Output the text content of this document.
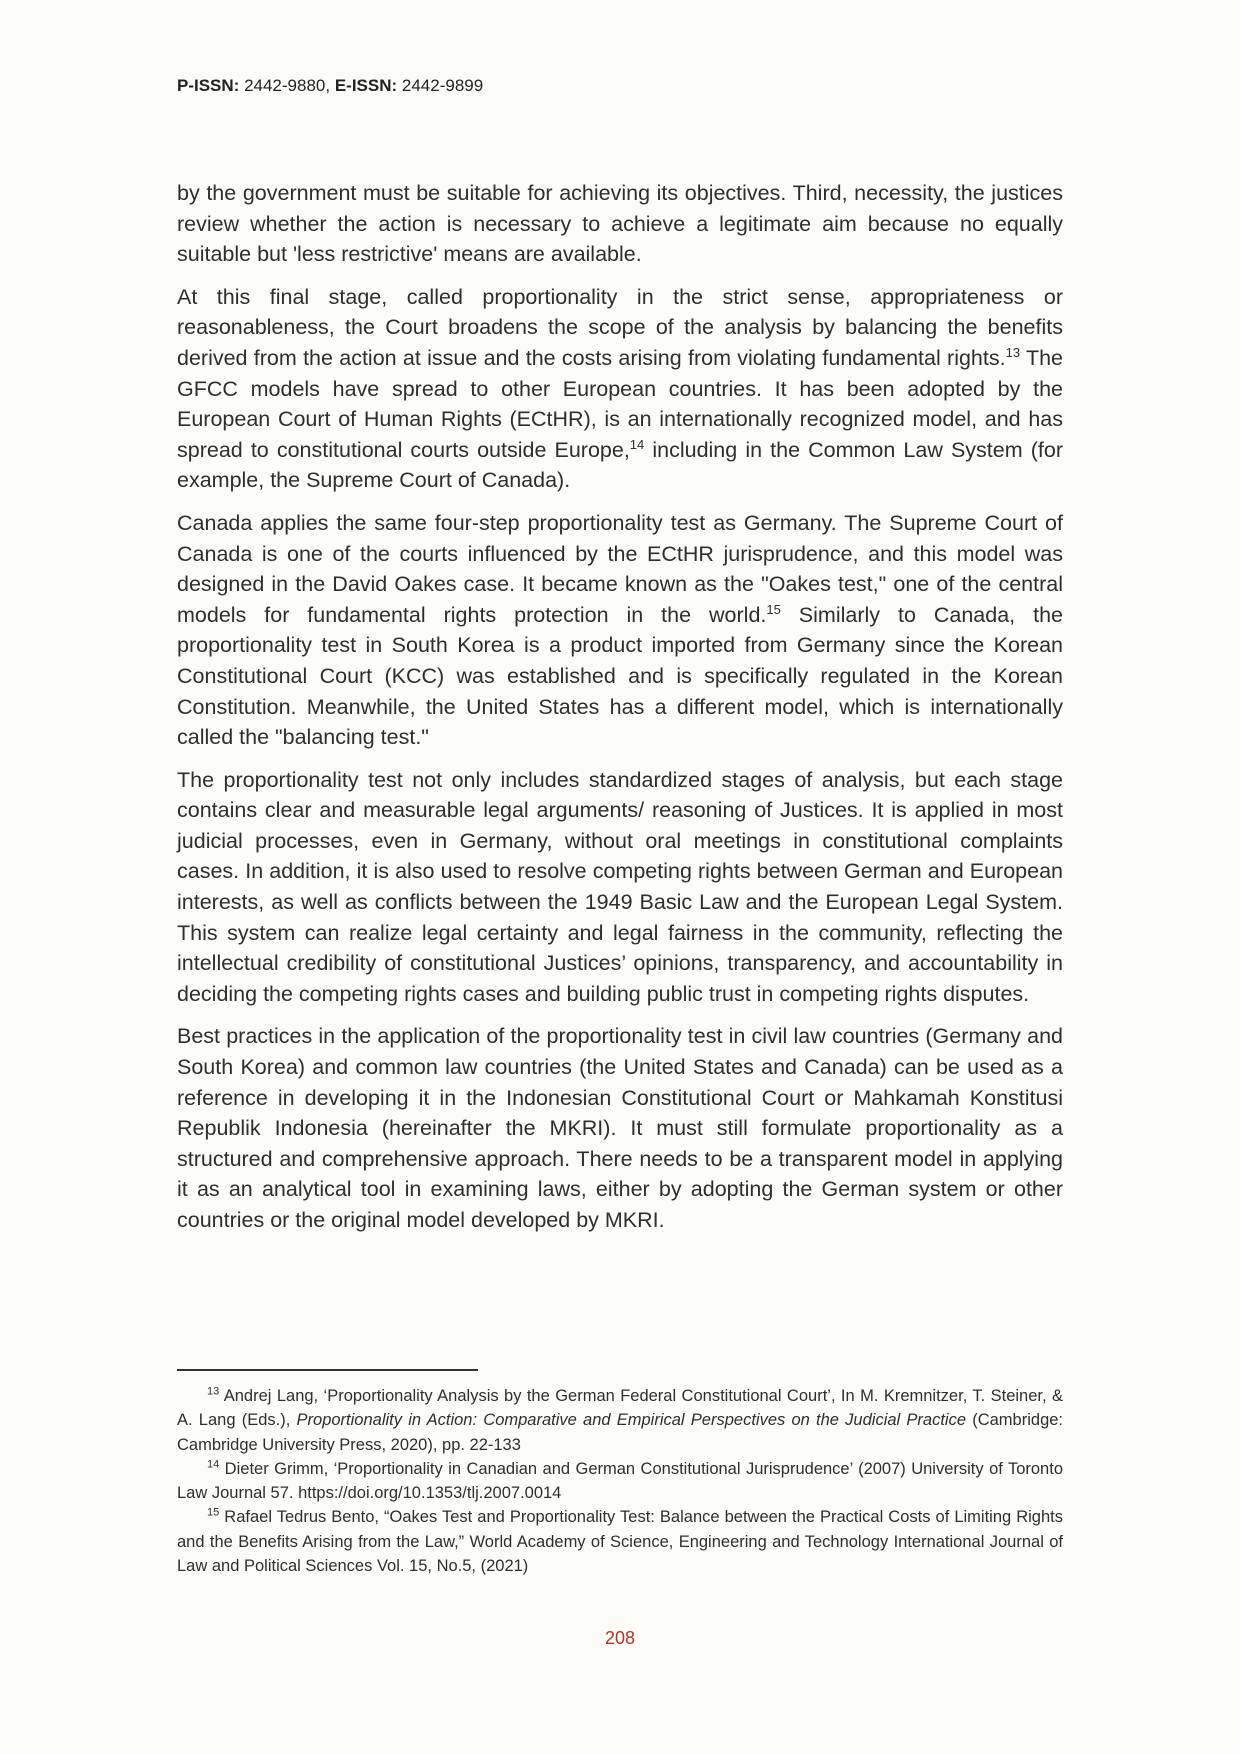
P-ISSN: 2442-9880, E-ISSN: 2442-9899

by the government must be suitable for achieving its objectives. Third, necessity, the justices review whether the action is necessary to achieve a legitimate aim because no equally suitable but 'less restrictive' means are available.

At this final stage, called proportionality in the strict sense, appropriateness or reasonableness, the Court broadens the scope of the analysis by balancing the benefits derived from the action at issue and the costs arising from violating fundamental rights.$^{13}$ The GFCC models have spread to other European countries. It has been adopted by the European Court of Human Rights (ECtHR), is an internationally recognized model, and has spread to constitutional courts outside Europe,$^{14}$ including in the Common Law System (for example, the Supreme Court of Canada).

Canada applies the same four-step proportionality test as Germany. The Supreme Court of Canada is one of the courts influenced by the ECtHR jurisprudence, and this model was designed in the David Oakes case. It became known as the "Oakes test," one of the central models for fundamental rights protection in the world.$^{15}$ Similarly to Canada, the proportionality test in South Korea is a product imported from Germany since the Korean Constitutional Court (KCC) was established and is specifically regulated in the Korean Constitution. Meanwhile, the United States has a different model, which is internationally called the "balancing test."

The proportionality test not only includes standardized stages of analysis, but each stage contains clear and measurable legal arguments/ reasoning of Justices. It is applied in most judicial processes, even in Germany, without oral meetings in constitutional complaints cases. In addition, it is also used to resolve competing rights between German and European interests, as well as conflicts between the 1949 Basic Law and the European Legal System. This system can realize legal certainty and legal fairness in the community, reflecting the intellectual credibility of constitutional Justices’ opinions, transparency, and accountability in deciding the competing rights cases and building public trust in competing rights disputes.

Best practices in the application of the proportionality test in civil law countries (Germany and South Korea) and common law countries (the United States and Canada) can be used as a reference in developing it in the Indonesian Constitutional Court or Mahkamah Konstitusi Republik Indonesia (hereinafter the MKRI). It must still formulate proportionality as a structured and comprehensive approach. There needs to be a transparent model in applying it as an analytical tool in examining laws, either by adopting the German system or other countries or the original model developed by MKRI.

$^{13}$ Andrej Lang, ‘Proportionality Analysis by the German Federal Constitutional Court’, In M. Kremnitzer, T. Steiner, & A. Lang (Eds.), Proportionality in Action: Comparative and Empirical Perspectives on the Judicial Practice (Cambridge: Cambridge University Press, 2020), pp. 22-133

$^{14}$ Dieter Grimm, ‘Proportionality in Canadian and German Constitutional Jurisprudence’ (2007) University of Toronto Law Journal 57. https://doi.org/10.1353/tlj.2007.0014

$^{15}$ Rafael Tedrus Bento, “Oakes Test and Proportionality Test: Balance between the Practical Costs of Limiting Rights and the Benefits Arising from the Law,” World Academy of Science, Engineering and Technology International Journal of Law and Political Sciences Vol. 15, No.5, (2021)

208
